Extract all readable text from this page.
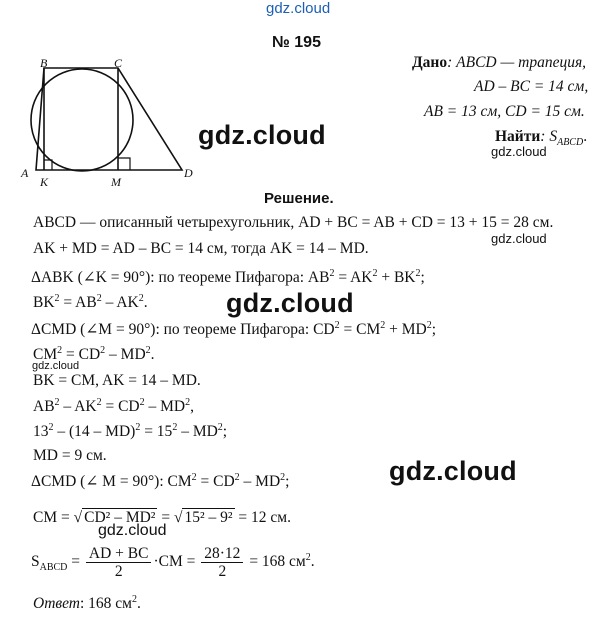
gdz.cloud
№ 195
B	C
A	D
K	M
gdz.cloud
Дано: ABCD — трапеция,
AD – BC = 14 см,
AB = 13 см, CD = 15 см.
Найти: $S_{ABCD}$.
gdz.cloud
Решение.
ABCD — описанный четырехугольник, AD + BC = AB + CD = 13 + 15 = 28 см.
AK + MD = AD – BC = 14 см, тогда AK = 14 – MD.
gdz.cloud
ΔABK (∠K = 90°): по теореме Пифагора: $AB^2 = AK^2 + BK^2$;
$BK^2 = AB^2 - AK^2$.	gdz.cloud
ΔCMD (∠M = 90°): по теореме Пифагора: $CD^2 = CM^2 + MD^2$;
$CM^2 = CD^2 - MD^2$.
gdz.cloud
BK = CM, AK = 14 – MD.
$AB^2 - AK^2 = CD^2 - MD^2$,
$13^2 - (14 - MD)^2 = 15^2 - MD^2$;
MD = 9 см.
gdz.cloud
ΔCMD (∠ M = 90°): $CM^2 = CD^2 - MD^2$;
CM = √ CD² – MD² = √ 15² – 9² = 12 см.
gdz.cloud
$S_{ABCD} = \frac{AD + BC}{2} \cdot CM = \frac{28\cdot 12}{2} = 168$ $см^2$.
Ответ: 168 $см^2$.
